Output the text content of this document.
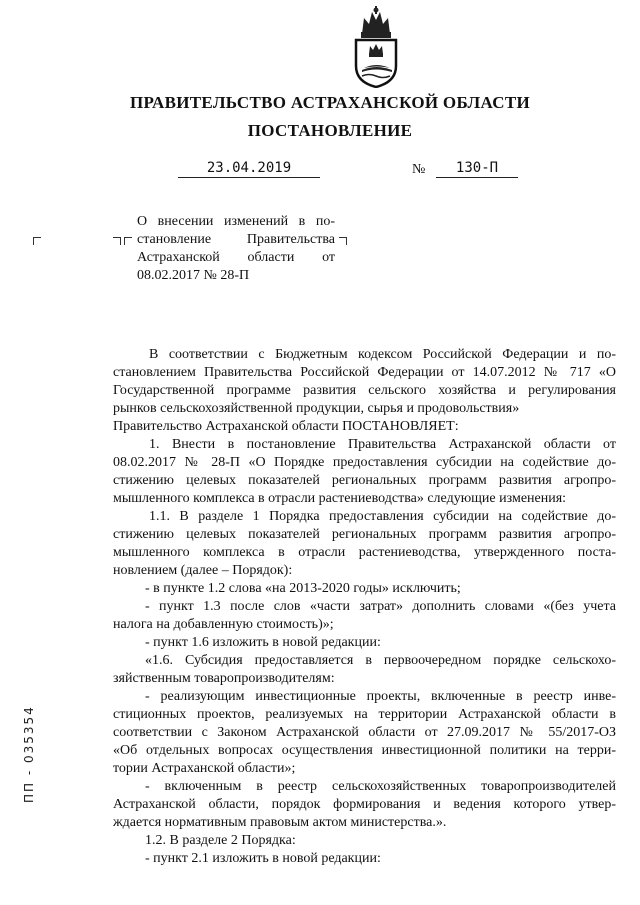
ПРАВИТЕЛЬСТВО АСТРАХАНСКОЙ ОБЛАСТИ
ПОСТАНОВЛЕНИЕ
23.04.2019	№	130-П
О внесении изменений в по-
становление Правительства
Астраханской области от
08.02.2017 № 28-П
В соответствии с Бюджетным кодексом Российской Федерации и по-
становлением Правительства Российской Федерации от 14.07.2012 № 717 «О
Государственной программе развития сельского хозяйства и регулирования
рынков сельскохозяйственной продукции, сырья и продовольствия»
Правительство Астраханской области ПОСТАНОВЛЯЕТ:
1. Внести в постановление Правительства Астраханской области от
08.02.2017 № 28-П «О Порядке предоставления субсидии на содействие до-
стижению целевых показателей региональных программ развития агропро-
мышленного комплекса в отрасли растениеводства» следующие изменения:
1.1. В разделе 1 Порядка предоставления субсидии на содействие до-
стижению целевых показателей региональных программ развития агропро-
мышленного комплекса в отрасли растениеводства, утвержденного поста-
новлением (далее – Порядок):
- в пункте 1.2 слова «на 2013-2020 годы» исключить;
- пункт 1.3 после слов «части затрат» дополнить словами «(без учета
налога на добавленную стоимость)»;
- пункт 1.6 изложить в новой редакции:
«1.6. Субсидия предоставляется в первоочередном порядке сельскохо-
зяйственным товаропроизводителям:
- реализующим инвестиционные проекты, включенные в реестр инве-
стиционных проектов, реализуемых на территории Астраханской области в
соответствии с Законом Астраханской области от 27.09.2017 № 55/2017-ОЗ
«Об отдельных вопросах осуществления инвестиционной политики на терри-
тории Астраханской области»;
- включенным в реестр сельскохозяйственных товаропроизводителей
Астраханской области, порядок формирования и ведения которого утвер-
ждается нормативным правовым актом министерства.».
1.2. В разделе 2 Порядка:
- пункт 2.1 изложить в новой редакции:
ПП - 035354
